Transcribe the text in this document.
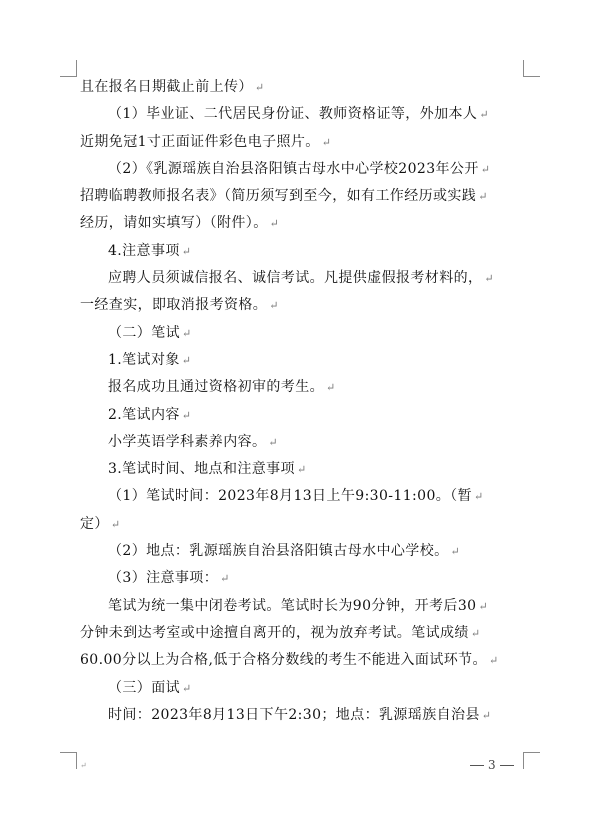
且在报名日期截止前上传） ↵
（1）毕业证、二代居民身份证、教师资格证等，外加本人 ↵
近期免冠1寸正面证件彩色电子照片。 ↵
（2）《乳源瑶族自治县洛阳镇古母水中心学校2023年公开 ↵
招聘临聘教师报名表》（简历须写到至今，如有工作经历或实践 ↵
经历，请如实填写）（附件）。 ↵
4.注意事项 ↵
应聘人员须诚信报名、诚信考试。凡提供虚假报考材料的， ↵
一经查实，即取消报考资格。 ↵
（二）笔试 ↵
1.笔试对象 ↵
报名成功且通过资格初审的考生。 ↵
2.笔试内容 ↵
小学英语学科素养内容。 ↵
3.笔试时间、地点和注意事项 ↵
（1）笔试时间：2023年8月13日上午9:30-11:00。（暂 ↵
定） ↵
（2）地点：乳源瑶族自治县洛阳镇古母水中心学校。 ↵
（3）注意事项： ↵
笔试为统一集中闭卷考试。笔试时长为90分钟，开考后30 ↵
分钟未到达考室或中途擅自离开的，视为放弃考试。笔试成绩 ↵
60.00分以上为合格,低于合格分数线的考生不能进入面试环节。 ↵
（三）面试 ↵
时间：2023年8月13日下午2:30；地点：乳源瑶族自治县 ↵
↵	3
